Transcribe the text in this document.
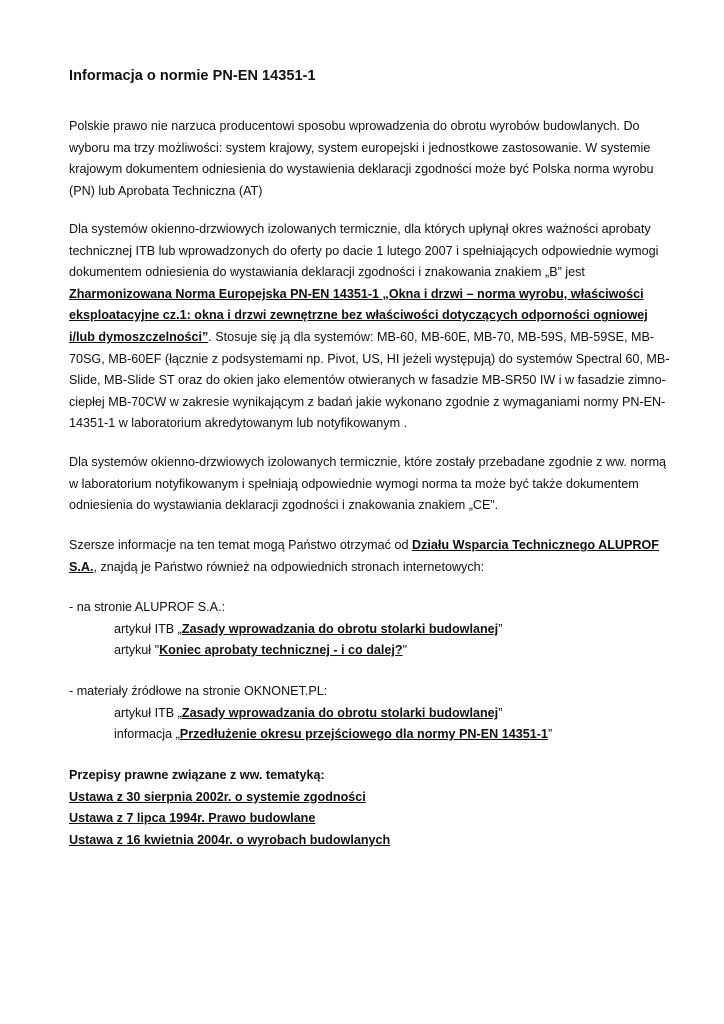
Informacja o normie PN-EN 14351-1
Polskie prawo nie narzuca producentowi sposobu wprowadzenia do obrotu wyrobów budowlanych. Do
wyboru ma trzy możliwości: system krajowy, system europejski i jednostkowe zastosowanie. W systemie
krajowym dokumentem odniesienia do wystawienia deklaracji zgodności może być Polska norma wyrobu
(PN) lub Aprobata Techniczna (AT)
Dla systemów okienno-drzwiowych izolowanych termicznie, dla których upłynął okres ważności aprobaty
technicznej ITB lub wprowadzonych do oferty po dacie 1 lutego 2007 i spełniających odpowiednie wymogi
dokumentem odniesienia do wystawiania deklaracji zgodności i znakowania znakiem „B” jest
Zharmonizowana Norma Europejska PN-EN 14351-1 „Okna i drzwi – norma wyrobu, właściwości
eksploatacyjne cz.1: okna i drzwi zewnętrzne bez właściwości dotyczących odporności ogniowej
i/lub dymoszczelności”. Stosuje się ją dla systemów: MB-60, MB-60E, MB-70, MB-59S, MB-59SE, MB-
70SG, MB-60EF (łącznie z podsystemami np. Pivot, US, HI jeżeli występują) do systemów Spectral 60, MB-
Slide, MB-Slide ST oraz do okien jako elementów otwieranych w fasadzie MB-SR50 IW i w fasadzie zimno-
ciepłej MB-70CW w zakresie wynikającym z badań jakie wykonano zgodnie z wymaganiami normy PN-EN-
14351-1 w laboratorium akredytowanym lub notyfikowanym .
Dla systemów okienno-drzwiowych izolowanych termicznie, które zostały przebadane zgodnie z ww. normą
w laboratorium notyfikowanym i spełniają odpowiednie wymogi norma ta może być także dokumentem
odniesienia do wystawiania deklaracji zgodności i znakowania znakiem „CE”.
Szersze informacje na ten temat mogą Państwo otrzymać od Działu Wsparcia Technicznego ALUPROF
S.A., znajdą je Państwo również na odpowiednich stronach internetowych:
- na stronie ALUPROF S.A.:
artykuł ITB „Zasady wprowadzania do obrotu stolarki budowlanej”
artykuł "Koniec aprobaty technicznej - i co dalej?"
- materiały źródłowe na stronie OKNONET.PL:
artykuł ITB „Zasady wprowadzania do obrotu stolarki budowlanej”
informacja „Przedłużenie okresu przejściowego dla normy PN-EN 14351-1”
Przepisy prawne związane z ww. tematyką:
Ustawa z 30 sierpnia 2002r. o systemie zgodności
Ustawa z 7 lipca 1994r. Prawo budowlane
Ustawa z 16 kwietnia 2004r. o wyrobach budowlanych
